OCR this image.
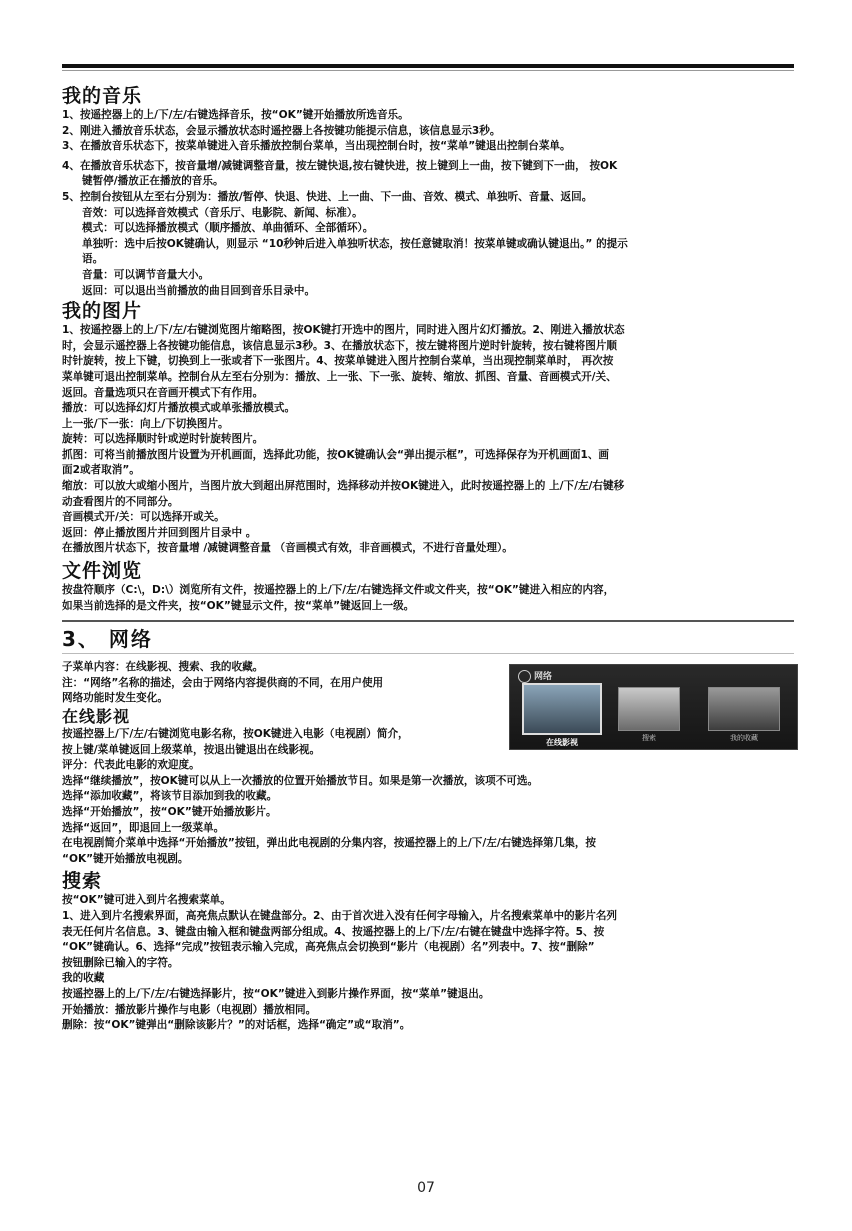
我的音乐

1、按遥控器上的上/下/左/右键选择音乐，按“OK”键开始播放所选音乐。

2、刚进入播放音乐状态，会显示播放状态时遥控器上各按键功能提示信息，该信息显示3秒。

3、在播放音乐状态下，按菜单键进入音乐播放控制台菜单，当出现控制台时，按“菜单”键退出控制台菜单。

4、在播放音乐状态下，按音量增/减键调整音量，按左键快退,按右键快进，按上键到上一曲，按下键到下一曲， 按OK

键暂停/播放正在播放的音乐。

5、控制台按钮从左至右分别为：播放/暂停、快退、快进、上一曲、下一曲、音效、模式、单独听、音量、返回。

音效：可以选择音效模式（音乐厅、电影院、新闻、标准）。

模式：可以选择播放模式（顺序播放、单曲循环、全部循环）。

单独听：选中后按OK键确认，则显示 “10秒钟后进入单独听状态，按任意键取消！按菜单键或确认键退出。” 的提示

语。

音量：可以调节音量大小。

返回：可以退出当前播放的曲目回到音乐目录中。

我的图片

1、按遥控器上的上/下/左/右键浏览图片缩略图，按OK键打开选中的图片，同时进入图片幻灯播放。2、刚进入播放状态

时，会显示遥控器上各按键功能信息，该信息显示3秒。3、在播放状态下，按左键将图片逆时针旋转，按右键将图片顺

时针旋转，按上下键，切换到上一张或者下一张图片。4、按菜单键进入图片控制台菜单，当出现控制菜单时， 再次按

菜单键可退出控制菜单。控制台从左至右分别为：播放、上一张、下一张、旋转、缩放、抓图、音量、音画模式开/关、

返回。音量选项只在音画开模式下有作用。

播放：可以选择幻灯片播放模式或单张播放模式。

上一张/下一张：向上/下切换图片。

旋转：可以选择顺时针或逆时针旋转图片。

抓图：可将当前播放图片设置为开机画面，选择此功能，按OK键确认会“弹出提示框”，可选择保存为开机画面1、画

面2或者取消”。

缩放：可以放大或缩小图片，当图片放大到超出屏范围时，选择移动并按OK键进入，此时按遥控器上的 上/下/左/右键移

动查看图片的不同部分。

音画模式开/关：可以选择开或关。

返回：停止播放图片并回到图片目录中 。

在播放图片状态下，按音量增 /减键调整音量 （音画模式有效，非音画模式，不进行音量处理）。

文件浏览

按盘符顺序（C:\，D:\）浏览所有文件，按遥控器上的上/下/左/右键选择文件或文件夹，按“OK”键进入相应的内容，

如果当前选择的是文件夹，按“OK”键显示文件，按“菜单”键返回上一级。

3、 网络

子菜单内容：在线影视、搜索、我的收藏。

注：“网络”名称的描述，会由于网络内容提供商的不同，在用户使用

网络功能时发生变化。

在线影视

按遥控器上/下/左/右键浏览电影名称，按OK键进入电影（电视剧）简介，

按上键/菜单键返回上级菜单，按退出键退出在线影视。

网络
在线影视	搜索	我的收藏

评分：代表此电影的欢迎度。

选择“继续播放”，按OK键可以从上一次播放的位置开始播放节目。如果是第一次播放，该项不可选。

选择“添加收藏”，将该节目添加到我的收藏。

选择“开始播放”，按“OK”键开始播放影片。

选择“返回”，即退回上一级菜单。

在电视剧简介菜单中选择“开始播放”按钮，弹出此电视剧的分集内容，按遥控器上的上/下/左/右键选择第几集，按

“OK”键开始播放电视剧。

搜索

按“OK”键可进入到片名搜索菜单。

1、进入到片名搜索界面，高亮焦点默认在键盘部分。2、由于首次进入没有任何字母输入，片名搜索菜单中的影片名列

表无任何片名信息。3、键盘由输入框和键盘两部分组成。4、按遥控器上的上/下/左/右键在键盘中选择字符。5、按

“OK”键确认。6、选择“完成”按钮表示输入完成，高亮焦点会切换到“影片（电视剧）名”列表中。7、按“删除”

按钮删除已输入的字符。

我的收藏

按遥控器上的上/下/左/右键选择影片，按“OK”键进入到影片操作界面，按“菜单”键退出。

开始播放：播放影片操作与电影（电视剧）播放相同。

删除：按“OK”键弹出“删除该影片？”的对话框，选择“确定”或“取消”。

07
